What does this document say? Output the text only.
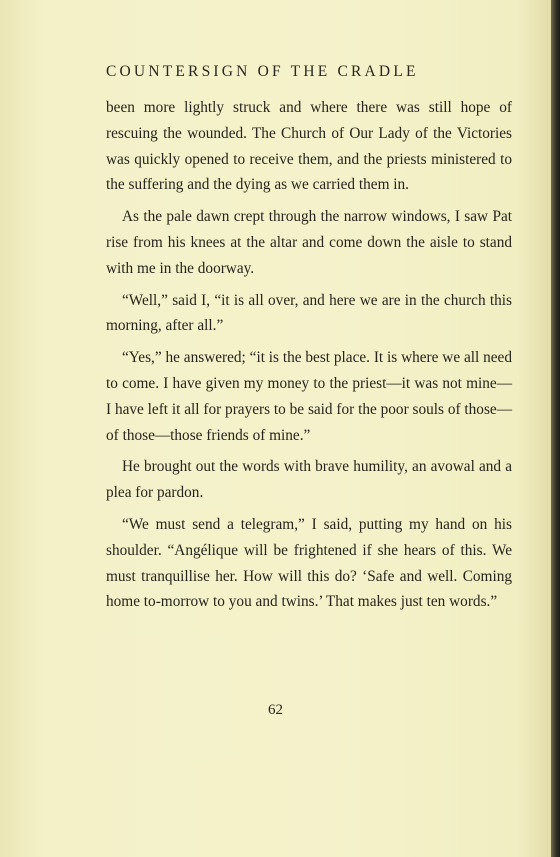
COUNTERSIGN OF THE CRADLE

been more lightly struck and where there was still hope of rescuing the wounded. The Church of Our Lady of the Victories was quickly opened to receive them, and the priests ministered to the suffering and the dying as we carried them in.

As the pale dawn crept through the narrow windows, I saw Pat rise from his knees at the altar and come down the aisle to stand with me in the doorway.

“Well,” said I, “it is all over, and here we are in the church this morning, after all.”

“Yes,” he answered; “it is the best place. It is where we all need to come. I have given my money to the priest—it was not mine—I have left it all for prayers to be said for the poor souls of those—of those—those friends of mine.”

He brought out the words with brave humility, an avowal and a plea for pardon.

“We must send a telegram,” I said, putting my hand on his shoulder. “Angélique will be frightened if she hears of this. We must tranquillise her. How will this do? ‘Safe and well. Coming home to-morrow to you and twins.’ That makes just ten words.”

62
